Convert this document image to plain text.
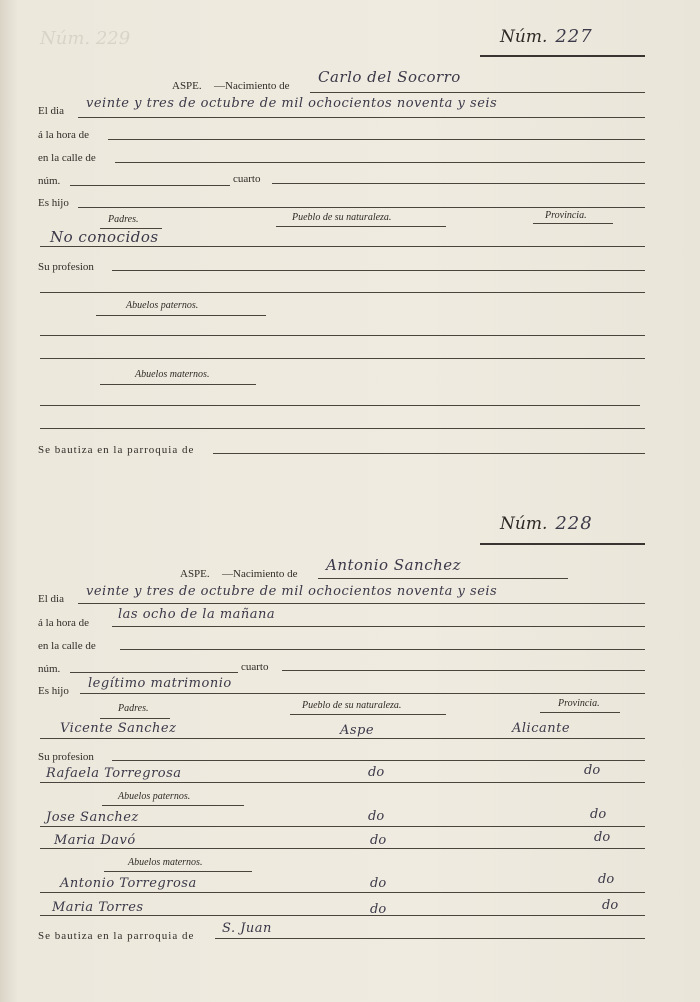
Núm. 229	Núm. 227
ASPE. —Nacimiento de Carlo del Socorro
El dia veinte y tres de octubre de mil ochocientos noventa y seis
á la hora de
en la calle de
núm.	cuarto
Es hijo
Padres.	Pueblo de su naturaleza.	Provincia.
No conocidos
Su profesion
Abuelos paternos.
Abuelos maternos.
Se bautiza en la parroquia de
Núm. 228
ASPE. —Nacimiento de Antonio Sanchez
El dia veinte y tres de octubre de mil ochocientos noventa y seis
á la hora de
las ocho de la mañana
en la calle de
núm.	cuarto
Es hijo legítimo matrimonio
Padres.	Pueblo de su naturaleza.	Provincia.
Vicente Sanchez	Aspe	Alicante
Su profesion
Rafaela Torregrosa	do	do
Abuelos paternos.
Jose Sanchez	do	do
Maria Davó	do	do
Abuelos maternos.
Antonio Torregrosa	do	do
Maria Torres	do	do
Se bautiza en la parroquia de S. Juan
